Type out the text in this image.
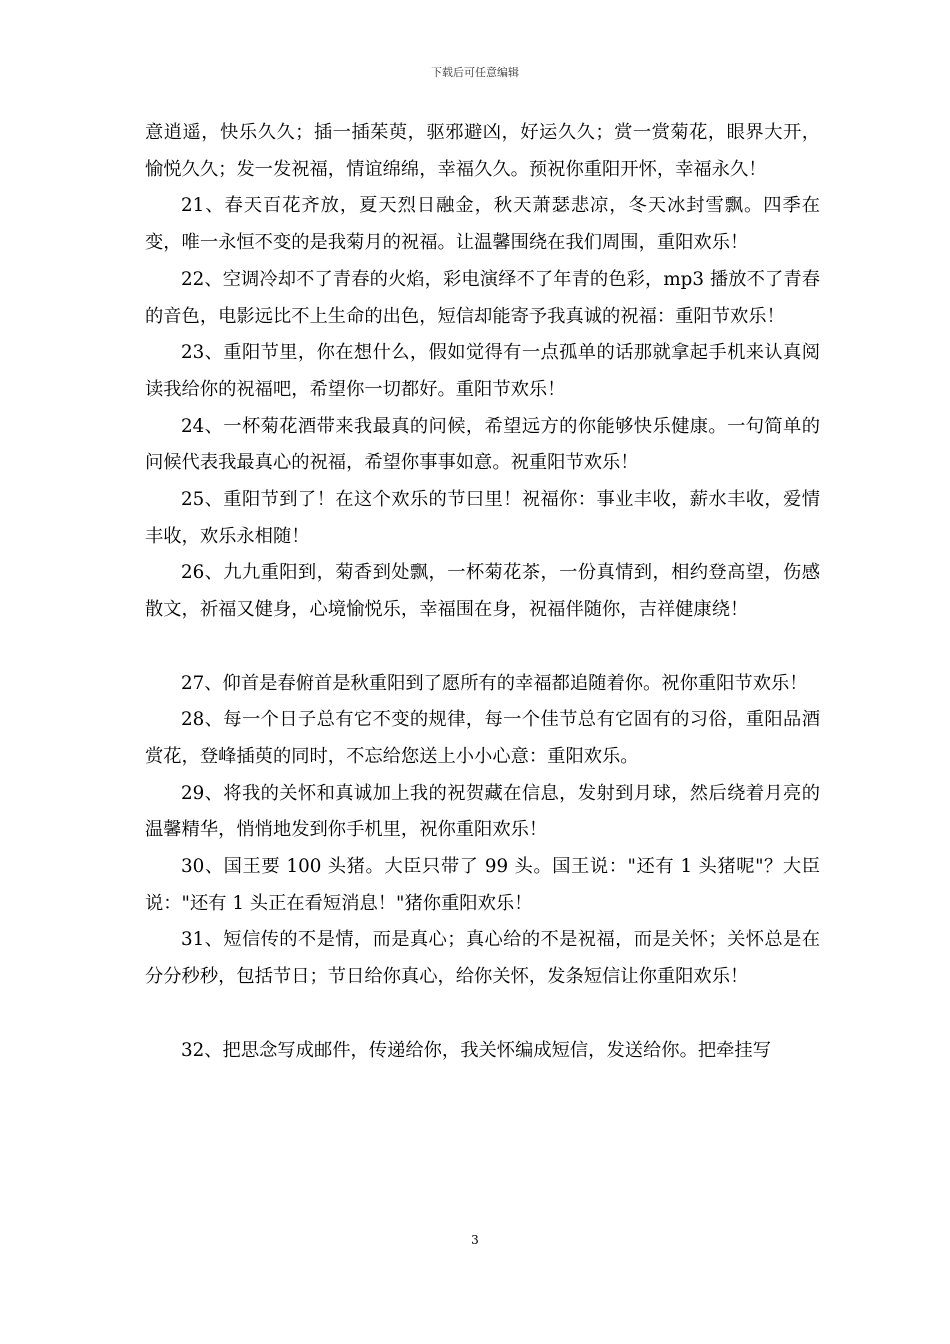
下载后可任意编辑

意逍遥，快乐久久；插一插茱萸，驱邪避凶，好运久久；赏一赏菊花，眼界大开，愉悦久久；发一发祝福，情谊绵绵，幸福久久。预祝你重阳开怀，幸福永久！

21、春天百花齐放，夏天烈日融金，秋天萧瑟悲凉，冬天冰封雪飘。四季在变，唯一永恒不变的是我菊月的祝福。让温馨围绕在我们周围，重阳欢乐！

22、空调冷却不了青春的火焰，彩电演绎不了年青的色彩，mp3 播放不了青春的音色，电影远比不上生命的出色，短信却能寄予我真诚的祝福：重阳节欢乐！

23、重阳节里，你在想什么，假如觉得有一点孤单的话那就拿起手机来认真阅读我给你的祝福吧，希望你一切都好。重阳节欢乐！

24、一杯菊花酒带来我最真的问候，希望远方的你能够快乐健康。一句简单的问候代表我最真心的祝福，希望你事事如意。祝重阳节欢乐！

25、重阳节到了！在这个欢乐的节曰里！祝福你：事业丰收，薪水丰收，爱情丰收，欢乐永相随！

26、九九重阳到，菊香到处飘，一杯菊花茶，一份真情到，相约登高望，伤感散文，祈福又健身，心境愉悦乐，幸福围在身，祝福伴随你，吉祥健康绕！

27、仰首是春俯首是秋重阳到了愿所有的幸福都追随着你。祝你重阳节欢乐！

28、每一个日子总有它不变的规律，每一个佳节总有它固有的习俗，重阳品酒赏花，登峰插萸的同时，不忘给您送上小小心意：重阳欢乐。

29、将我的关怀和真诚加上我的祝贺藏在信息，发射到月球，然后绕着月亮的温馨精华，悄悄地发到你手机里，祝你重阳欢乐！

30、国王要 100 头猪。大臣只带了 99 头。国王说："还有 1 头猪呢"？大臣说："还有 1 头正在看短消息！"猪你重阳欢乐！

31、短信传的不是情，而是真心；真心给的不是祝福，而是关怀；关怀总是在分分秒秒，包括节日；节日给你真心，给你关怀，发条短信让你重阳欢乐！

32、把思念写成邮件，传递给你，我关怀编成短信，发送给你。把牵挂写

3
